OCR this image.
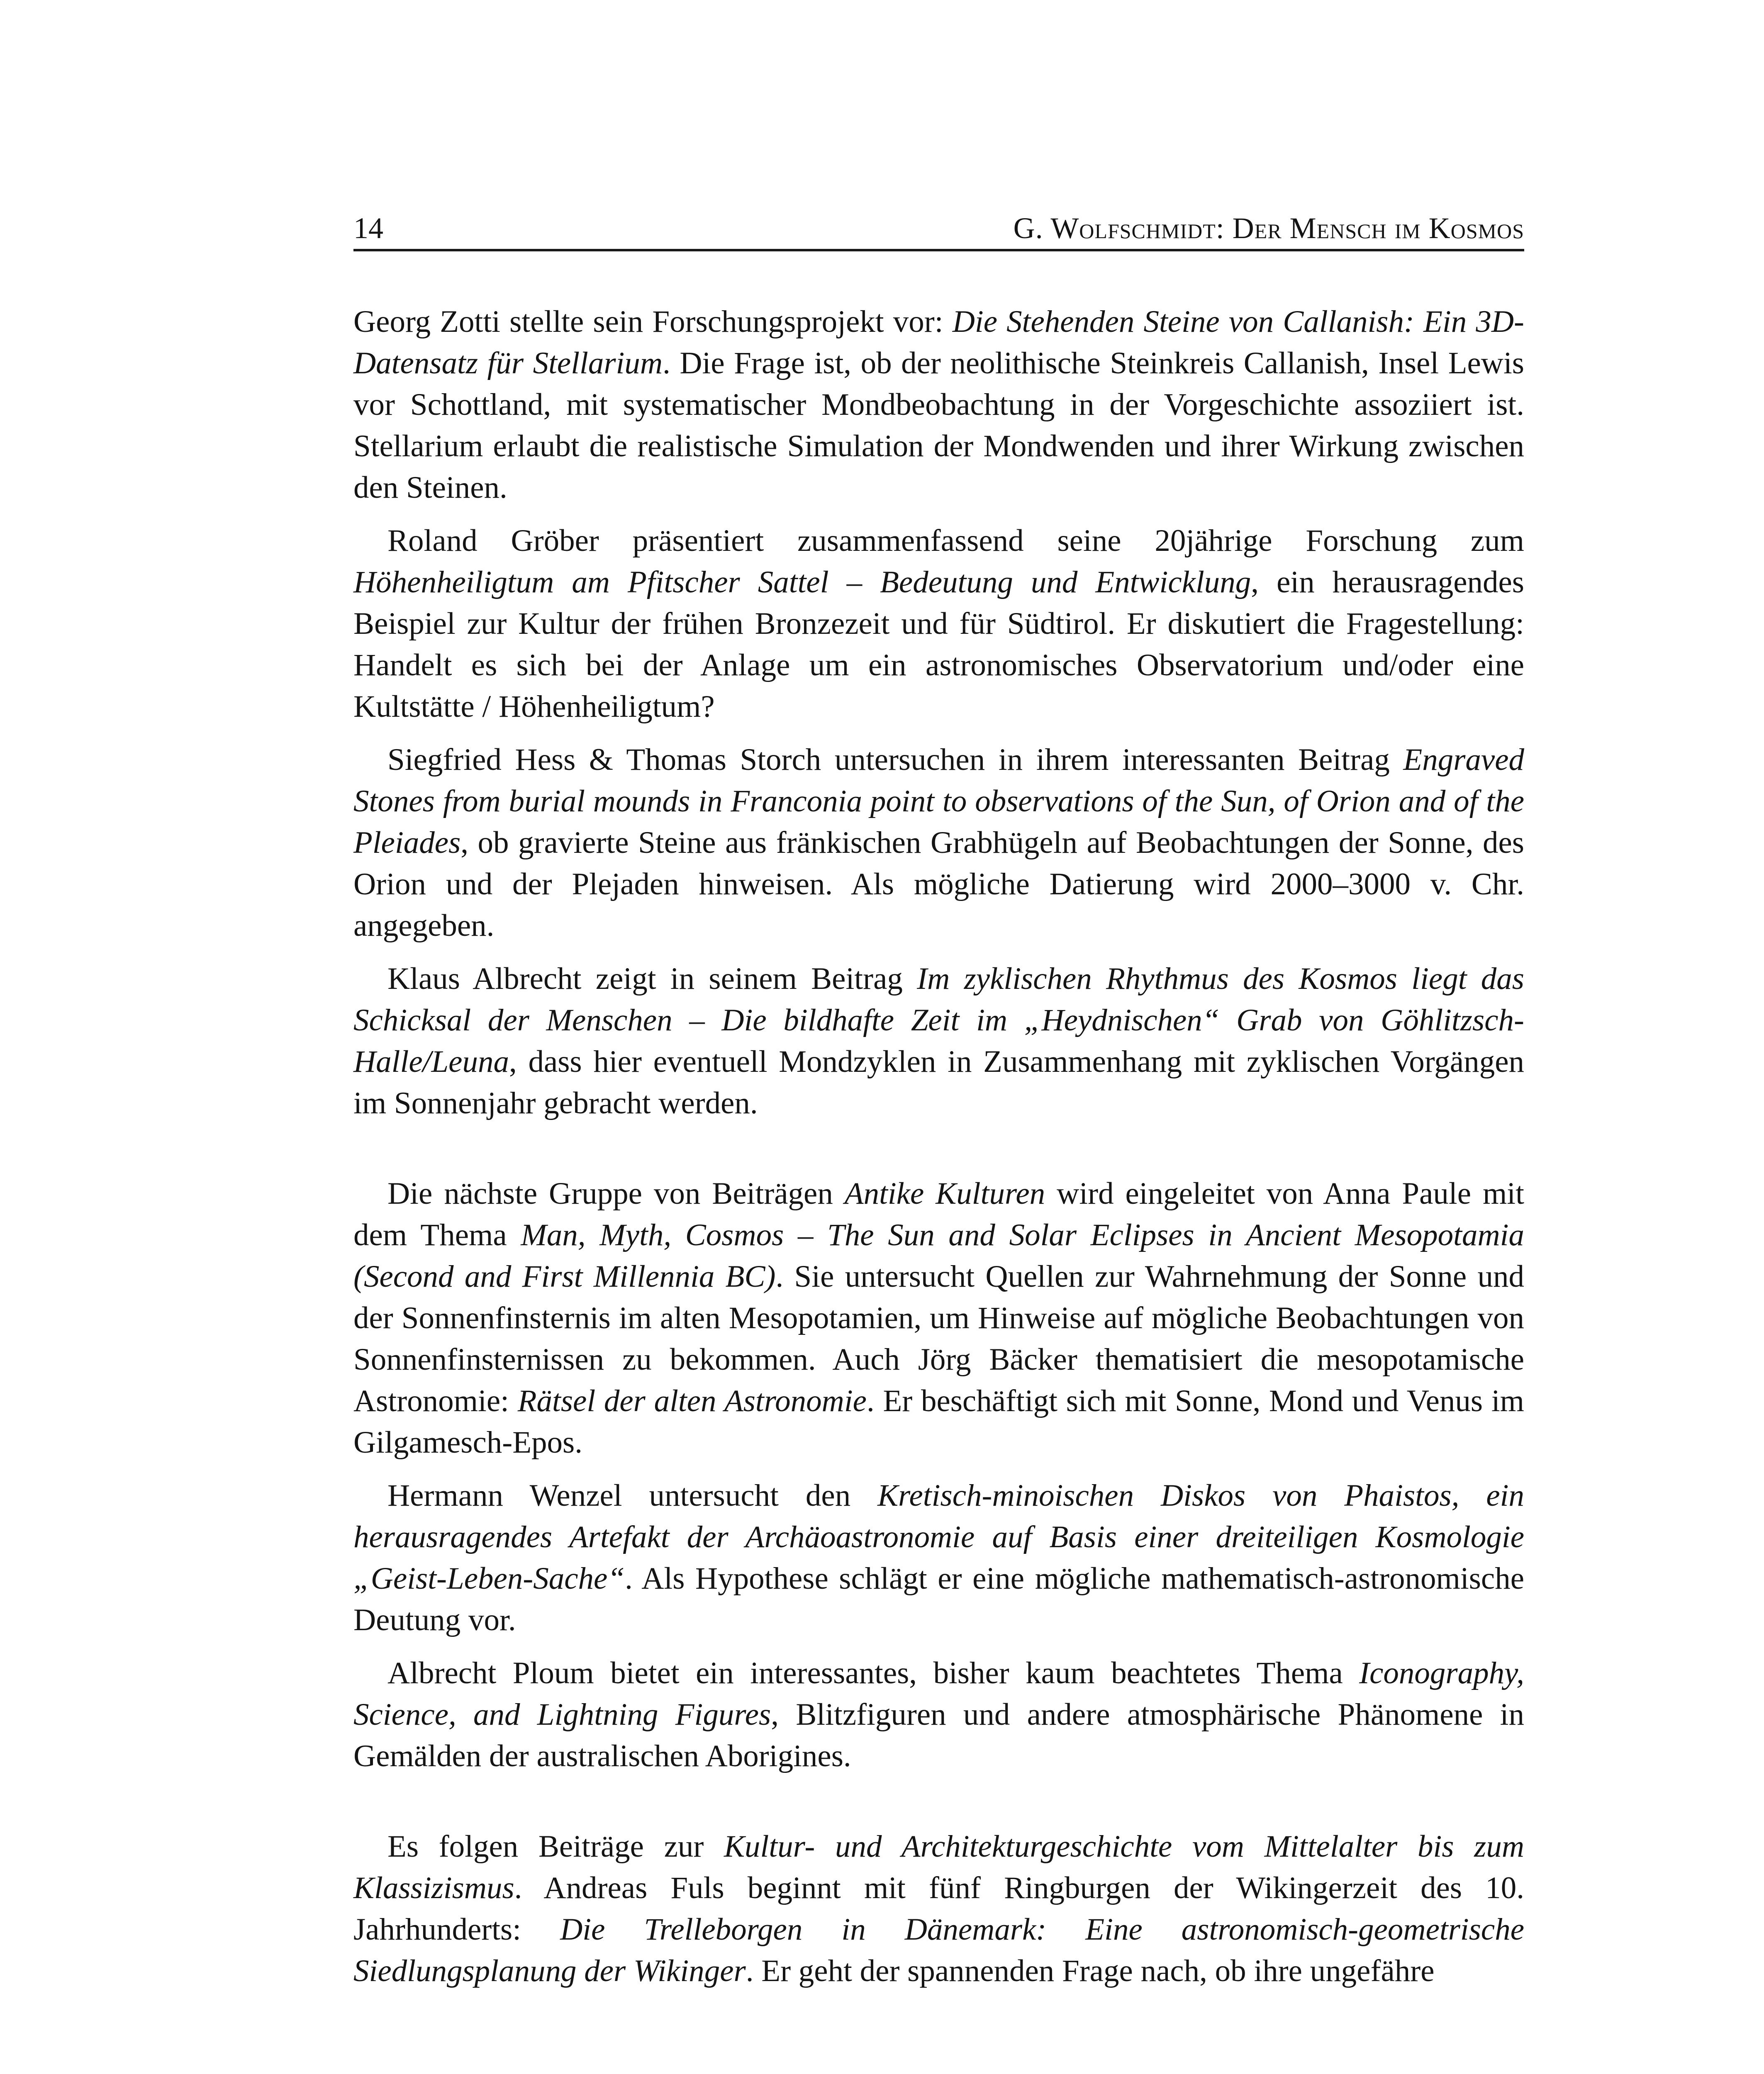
14	G. Wolfschmidt: Der Mensch im Kosmos

Georg Zotti stellte sein Forschungsprojekt vor: Die Stehenden Steine von Callanish: Ein 3D-Datensatz für Stellarium. Die Frage ist, ob der neolithische Steinkreis Callanish, Insel Lewis vor Schottland, mit systematischer Mondbeobachtung in der Vorgeschichte assoziiert ist. Stellarium erlaubt die realistische Simulation der Mondwenden und ihrer Wirkung zwischen den Steinen.

Roland Gröber präsentiert zusammenfassend seine 20jährige Forschung zum Höhenheiligtum am Pfitscher Sattel – Bedeutung und Entwicklung, ein herausragendes Beispiel zur Kultur der frühen Bronzezeit und für Südtirol. Er diskutiert die Fragestellung: Handelt es sich bei der Anlage um ein astronomisches Observatorium und/oder eine Kultstätte / Höhenheiligtum?

Siegfried Hess & Thomas Storch untersuchen in ihrem interessanten Beitrag Engraved Stones from burial mounds in Franconia point to observations of the Sun, of Orion and of the Pleiades, ob gravierte Steine aus fränkischen Grabhügeln auf Beobachtungen der Sonne, des Orion und der Plejaden hinweisen. Als mögliche Datierung wird 2000–3000 v. Chr. angegeben.

Klaus Albrecht zeigt in seinem Beitrag Im zyklischen Rhythmus des Kosmos liegt das Schicksal der Menschen – Die bildhafte Zeit im „Heydnischen“ Grab von Göhlitzsch-Halle/Leuna, dass hier eventuell Mondzyklen in Zusammenhang mit zyklischen Vorgängen im Sonnenjahr gebracht werden.

Die nächste Gruppe von Beiträgen Antike Kulturen wird eingeleitet von Anna Paule mit dem Thema Man, Myth, Cosmos – The Sun and Solar Eclipses in Ancient Mesopotamia (Second and First Millennia BC). Sie untersucht Quellen zur Wahrnehmung der Sonne und der Sonnenfinsternis im alten Mesopotamien, um Hinweise auf mögliche Beobachtungen von Sonnenfinsternissen zu bekommen. Auch Jörg Bäcker thematisiert die mesopotamische Astronomie: Rätsel der alten Astronomie. Er beschäftigt sich mit Sonne, Mond und Venus im Gilgamesch-Epos.

Hermann Wenzel untersucht den Kretisch-minoischen Diskos von Phaistos, ein herausragendes Artefakt der Archäoastronomie auf Basis einer dreiteiligen Kosmologie „Geist-Leben-Sache“. Als Hypothese schlägt er eine mögliche mathematisch-astronomische Deutung vor.

Albrecht Ploum bietet ein interessantes, bisher kaum beachtetes Thema Iconography, Science, and Lightning Figures, Blitzfiguren und andere atmosphärische Phänomene in Gemälden der australischen Aborigines.

Es folgen Beiträge zur Kultur- und Architekturgeschichte vom Mittelalter bis zum Klassizismus. Andreas Fuls beginnt mit fünf Ringburgen der Wikingerzeit des 10. Jahrhunderts: Die Trelleborgen in Dänemark: Eine astronomisch-geometrische Siedlungsplanung der Wikinger. Er geht der spannenden Frage nach, ob ihre ungefähre
